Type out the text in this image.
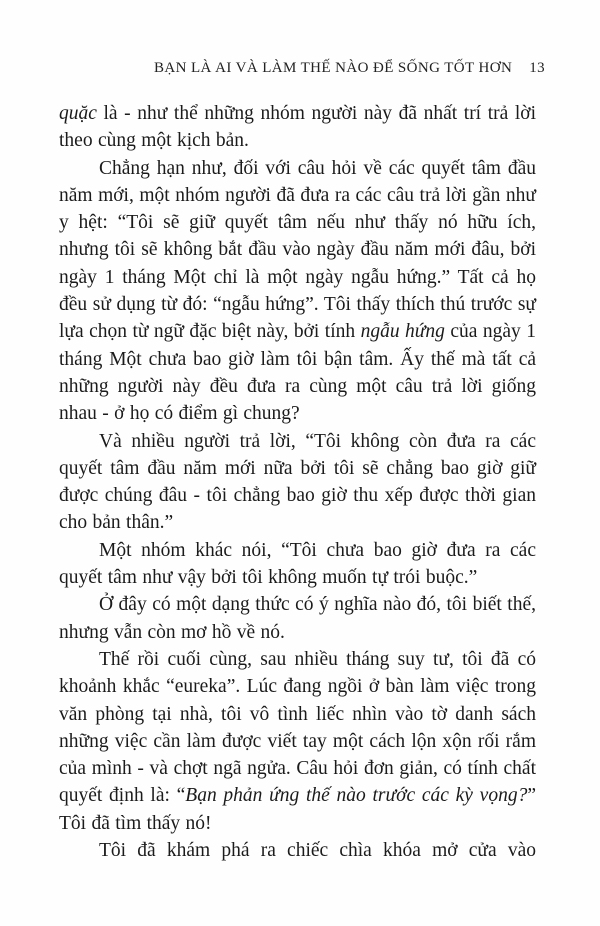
BẠN LÀ AI VÀ LÀM THẾ NÀO ĐỂ SỐNG TỐT HƠN 13

quặc là - như thể những nhóm người này đã nhất trí trả lời theo cùng một kịch bản.

Chẳng hạn như, đối với câu hỏi về các quyết tâm đầu năm mới, một nhóm người đã đưa ra các câu trả lời gần như y hệt: “Tôi sẽ giữ quyết tâm nếu như thấy nó hữu ích, nhưng tôi sẽ không bắt đầu vào ngày đầu năm mới đâu, bởi ngày 1 tháng Một chỉ là một ngày ngẫu hứng.” Tất cả họ đều sử dụng từ đó: “ngẫu hứng”. Tôi thấy thích thú trước sự lựa chọn từ ngữ đặc biệt này, bởi tính ngẫu hứng của ngày 1 tháng Một chưa bao giờ làm tôi bận tâm. Ấy thế mà tất cả những người này đều đưa ra cùng một câu trả lời giống nhau - ở họ có điểm gì chung?

Và nhiều người trả lời, “Tôi không còn đưa ra các quyết tâm đầu năm mới nữa bởi tôi sẽ chẳng bao giờ giữ được chúng đâu - tôi chẳng bao giờ thu xếp được thời gian cho bản thân.”

Một nhóm khác nói, “Tôi chưa bao giờ đưa ra các quyết tâm như vậy bởi tôi không muốn tự trói buộc.”

Ở đây có một dạng thức có ý nghĩa nào đó, tôi biết thế, nhưng vẫn còn mơ hồ về nó.

Thế rồi cuối cùng, sau nhiều tháng suy tư, tôi đã có khoảnh khắc “eureka”. Lúc đang ngồi ở bàn làm việc trong văn phòng tại nhà, tôi vô tình liếc nhìn vào tờ danh sách những việc cần làm được viết tay một cách lộn xộn rối rắm của mình - và chợt ngã ngửa. Câu hỏi đơn giản, có tính chất quyết định là: “Bạn phản ứng thế nào trước các kỳ vọng?” Tôi đã tìm thấy nó!

Tôi đã khám phá ra chiếc chìa khóa mở cửa vào
